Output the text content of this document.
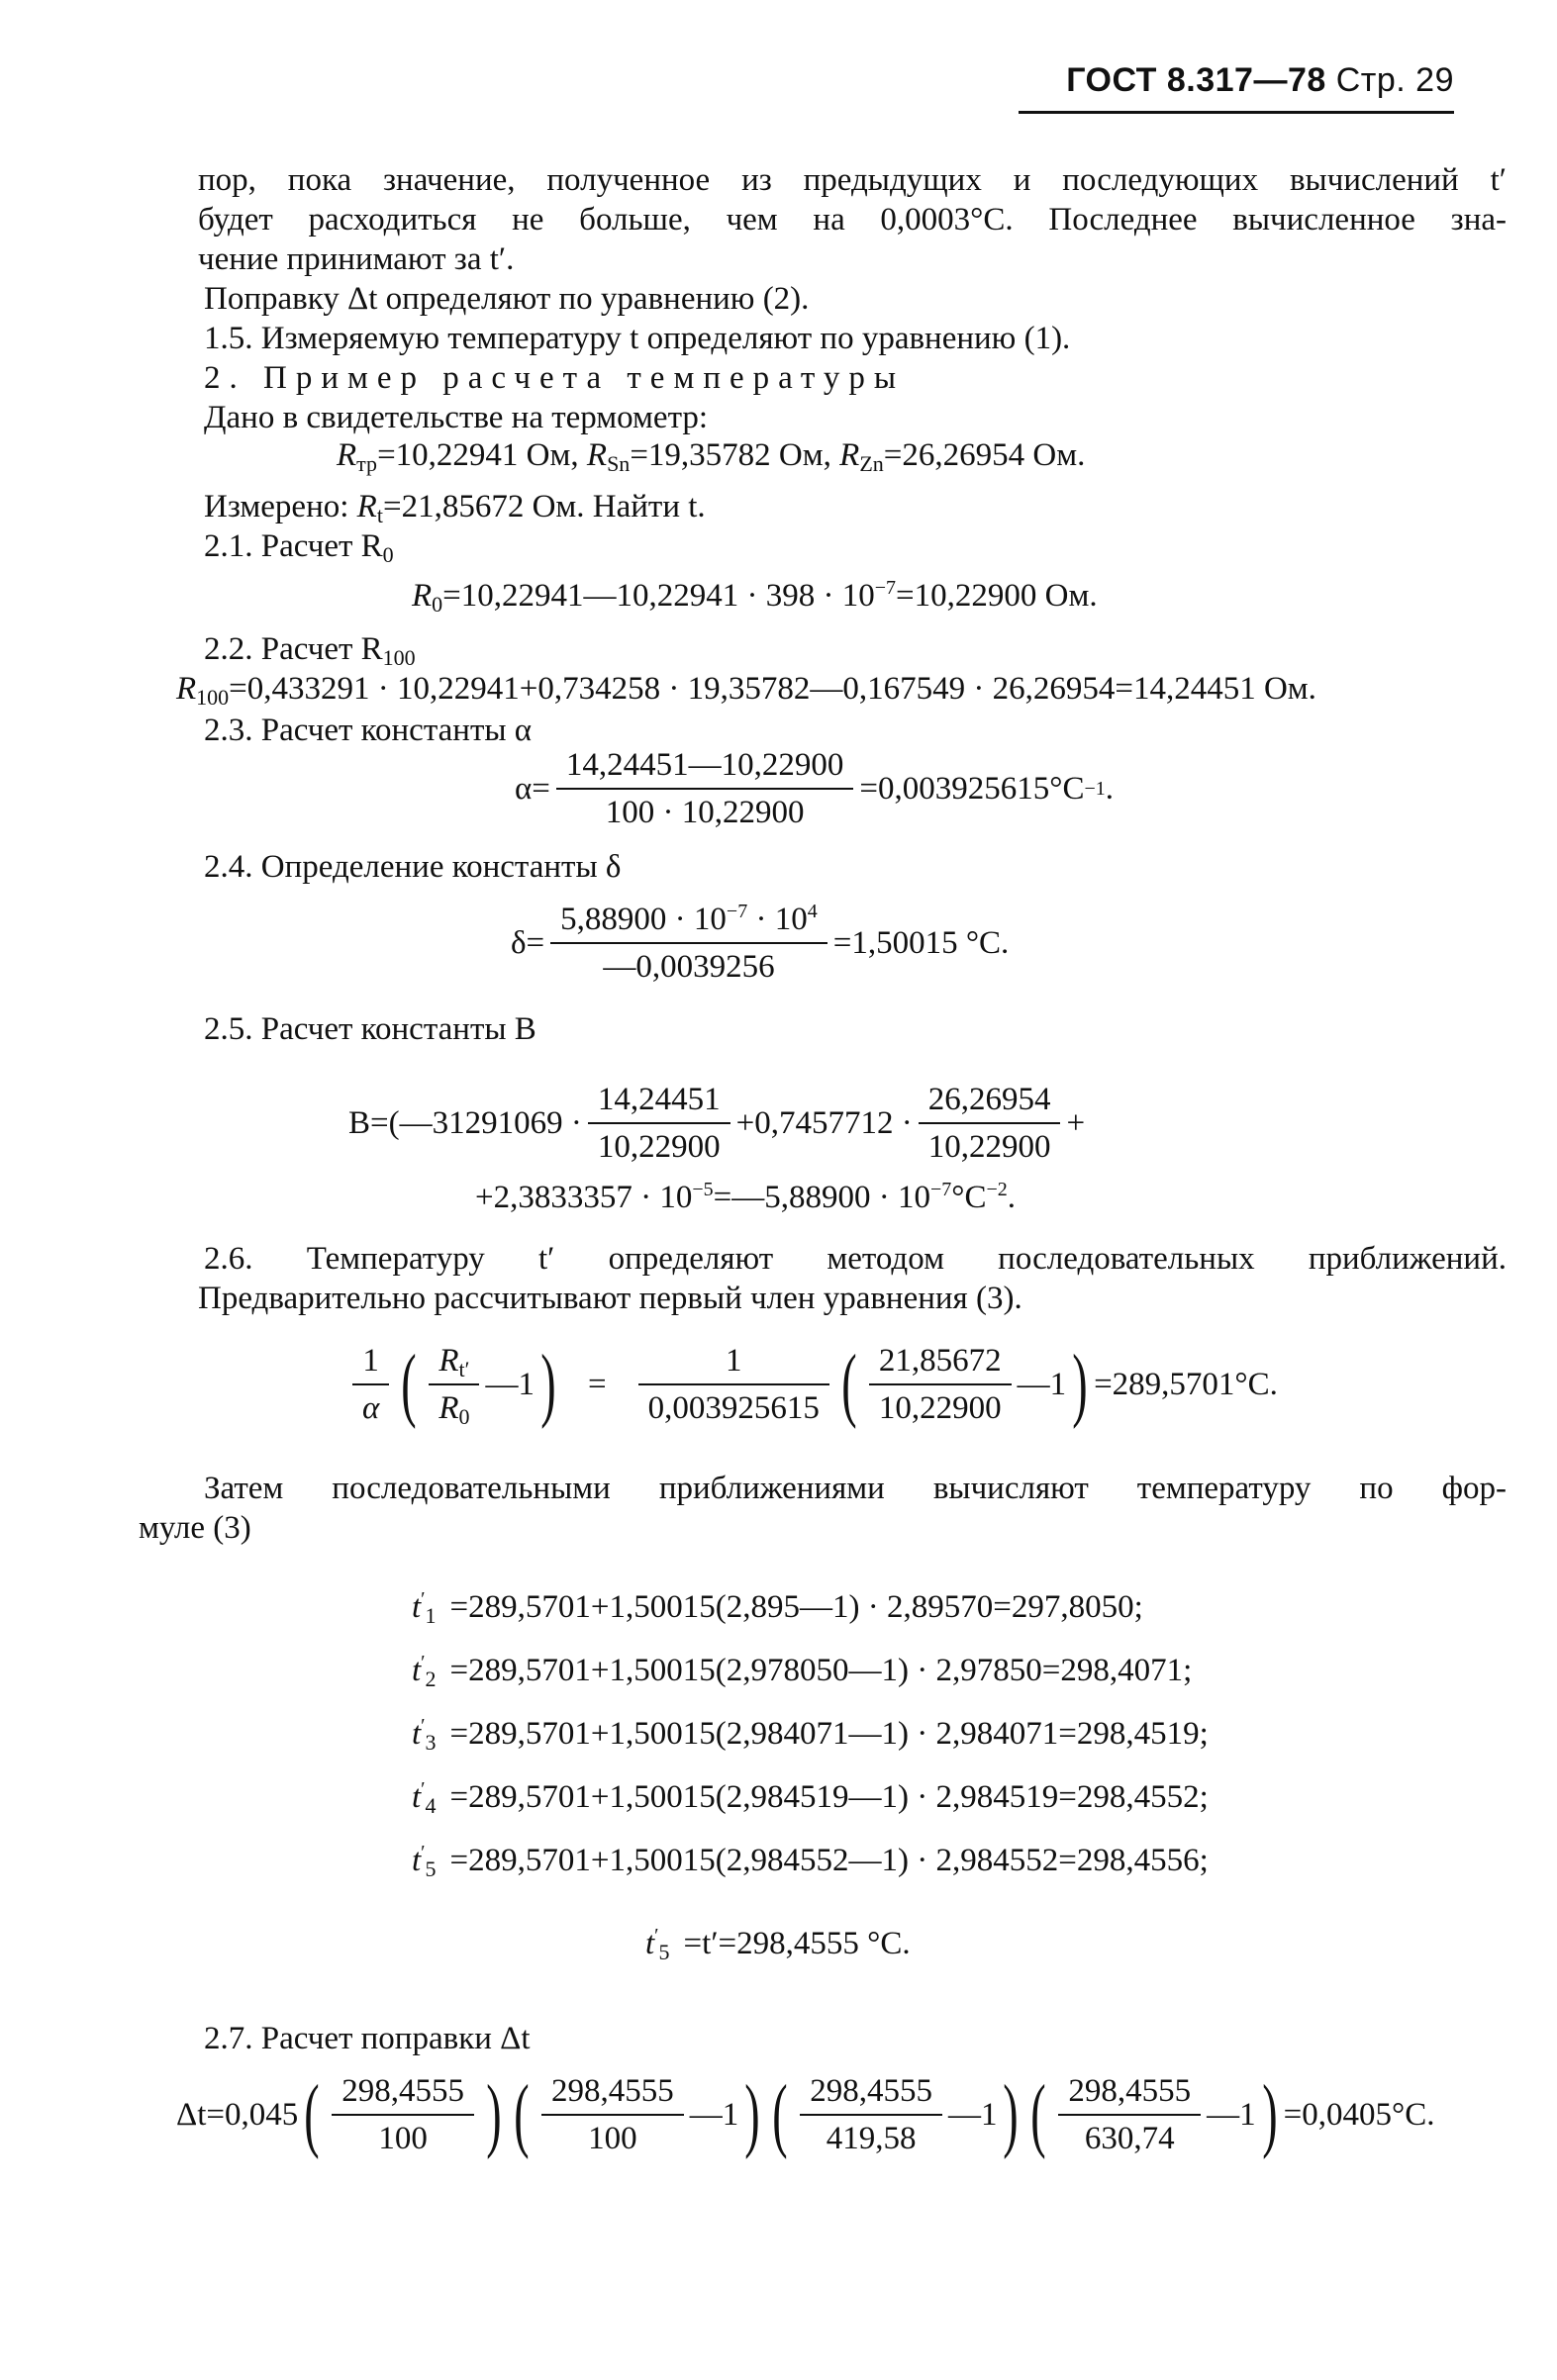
ГОСТ 8.317—78 Стр. 29
пор, пока значение, полученное из предыдущих и последующих вычислений t′
будет расходиться не больше, чем на 0,0003°С. Последнее вычисленное зна-
чение принимают за t′.
Поправку Δt определяют по уравнению (2).
1.5. Измеряемую температуру t определяют по уравнению (1).
2. Пример расчета температуры
Дано в свидетельстве на термометр:
$R_{тр}=10,22941$ Ом, $R_{Sn}=19,35782$ Ом, $R_{Zn}=26,26954$ Ом.
Измерено: $R_t=21,85672$ Ом. Найти t.
2.1. Расчет $R_0$
$R_0=10,22941—10,22941 \cdot 398 \cdot 10^{-7}=10,22900$ Ом.
2.2. Расчет $R_{100}$
$R_{100}=0,433291 \cdot 10,22941+0,734258$ · 19,35782—0,167549 · 26,26954=14,24451 Ом.
2.3. Расчет константы α
$\alpha= \frac{14,24451—10,22900}{100 \cdot 10,22900} =0,003925615^\circ С -1$ .
2.4. Определение константы δ
$\delta= \frac{5,88900 \cdot 10^{-7} \cdot 10^4}{—0,0039256} =1,50015$ °С.
2.5. Расчет константы B
B=(—31291069 · $\frac{14,24451}{10,22900} +0,7457712 \cdot \frac{26,26954}{10,22900}$ +
$+2,3833357 \cdot 10^{-5}=—5,88900 \cdot 10^{-7}^\circ С^{-2}$.
2.6. Температуру t′ определяют методом последовательных приближений.
Предварительно рассчитывают первый член уравнения (3).
$\frac{1}{\alpha}$ ( $\frac{R_{t'}}{R_0}$ —1 ) = $\frac{1}{0,003925615}$ ( $\frac{21,85672}{10,22900}$ —1 ) =289,5701°С.
Затем последовательными приближениями вычисляют температуру по фор-
муле (3)
$t'_1$ =289,5701+1,50015(2,895—1) · 2,89570=297,8050;
$t'_2$ =289,5701+1,50015(2,978050—1) · 2,97850=298,4071;
$t'_3$ =289,5701+1,50015(2,984071—1) · 2,984071=298,4519;
$t'_4$ =289,5701+1,50015(2,984519—1) · 2,984519=298,4552;
$t'_5$ =289,5701+1,50015(2,984552—1) · 2,984552=298,4556;
$t'_5 =t'=298,4555$ °С.
2.7. Расчет поправки Δt
Δt=0,045 ( $\frac{298,4555}{100}$ ) ( $\frac{298,4555}{100}$ —1 ) ( $\frac{298,4555}{419,58}$ —1 ) ( $\frac{298,4555}{630,74}$ —1 ) =0,0405°С.
